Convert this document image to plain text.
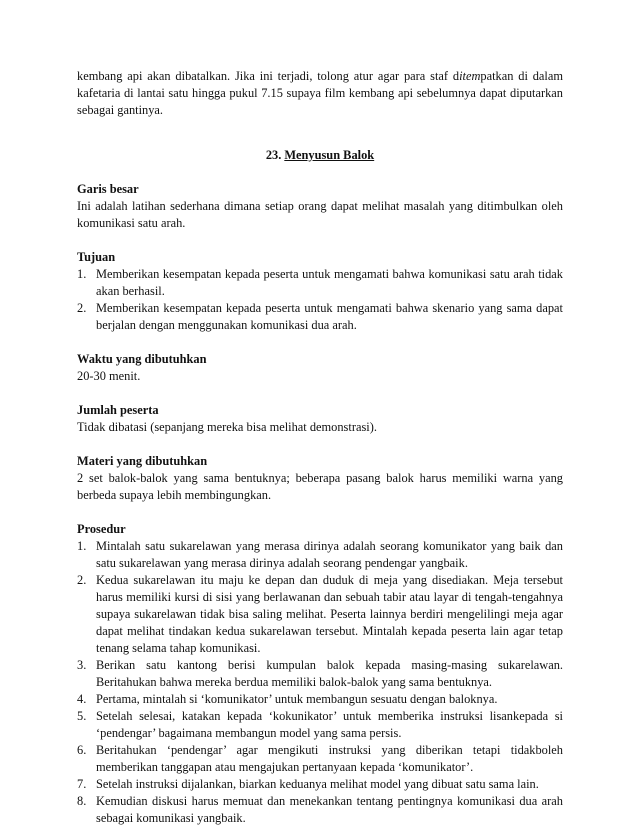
kembang api akan dibatalkan. Jika ini terjadi, tolong atur agar para staf ditempatkan di dalam kafetaria di lantai satu hingga pukul 7.15 supaya film kembang api sebelumnya dapat diputarkan sebagai gantinya.

23. Menyusun Balok

Garis besar

Ini adalah latihan sederhana dimana setiap orang dapat melihat masalah yang ditimbulkan oleh komunikasi satu arah.

Tujuan

1. Memberikan kesempatan kepada peserta untuk mengamati bahwa komunikasi satu arah tidak akan berhasil.
2. Memberikan kesempatan kepada peserta untuk mengamati bahwa skenario yang sama dapat berjalan dengan menggunakan komunikasi dua arah.

Waktu yang dibutuhkan

20-30 menit.

Jumlah peserta

Tidak dibatasi (sepanjang mereka bisa melihat demonstrasi).

Materi yang dibutuhkan

2 set balok-balok yang sama bentuknya; beberapa pasang balok harus memiliki warna yang berbeda supaya lebih membingungkan.

Prosedur

1. Mintalah satu sukarelawan yang merasa dirinya adalah seorang komunikator yang baik dan satu sukarelawan yang merasa dirinya adalah seorang pendengar yangbaik.
2. Kedua sukarelawan itu maju ke depan dan duduk di meja yang disediakan. Meja tersebut harus memiliki kursi di sisi yang berlawanan dan sebuah tabir atau layar di tengah-tengahnya supaya sukarelawan tidak bisa saling melihat. Peserta lainnya berdiri mengelilingi meja agar dapat melihat tindakan kedua sukarelawan tersebut. Mintalah kepada peserta lain agar tetap tenang selama tahap komunikasi.
3. Berikan satu kantong berisi kumpulan balok kepada masing-masing sukarelawan. Beritahukan bahwa mereka berdua memiliki balok-balok yang sama bentuknya.
4. Pertama, mintalah si ‘komunikator’ untuk membangun sesuatu dengan baloknya.
5. Setelah selesai, katakan kepada ‘kokunikator’ untuk memberika instruksi lisankepada si ‘pendengar’ bagaimana membangun model yang sama persis.
6. Beritahukan ‘pendengar’ agar mengikuti instruksi yang diberikan tetapi tidakboleh memberikan tanggapan atau mengajukan pertanyaan kepada ‘komunikator’.
7. Setelah instruksi dijalankan, biarkan keduanya melihat model yang dibuat satu sama lain.
8. Kemudian diskusi harus memuat dan menekankan tentang pentingnya komunikasi dua arah sebagai komunikasi yangbaik.
